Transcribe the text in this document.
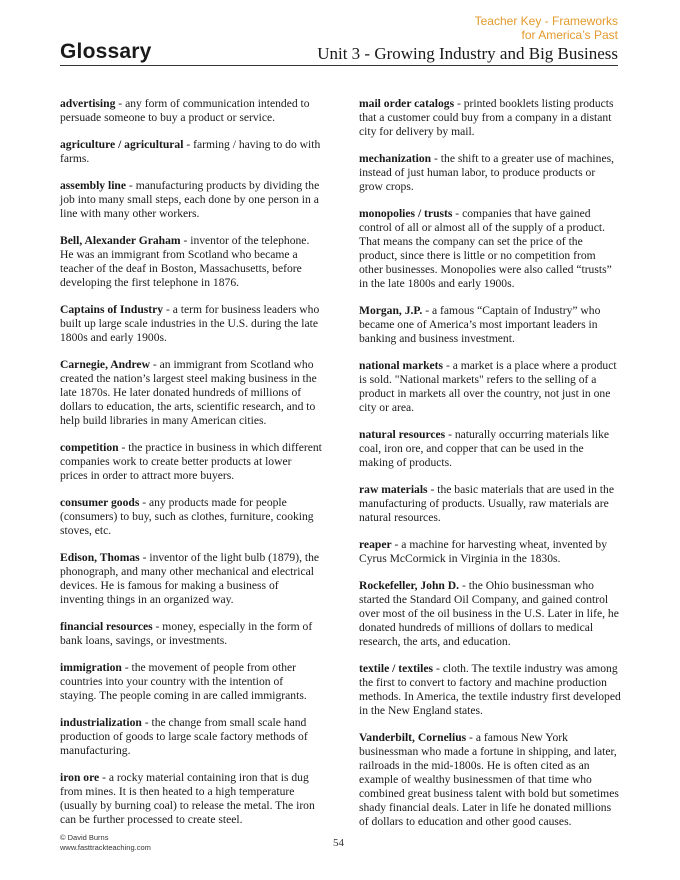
Teacher Key - Frameworks
for America’s Past
Glossary	Unit 3 - Growing Industry and Big Business

advertising - any form of communication intended to persuade someone to buy a product or service.

agriculture / agricultural - farming / having to do with farms.

assembly line - manufacturing products by dividing the job into many small steps, each done by one person in a line with many other workers.

Bell, Alexander Graham - inventor of the telephone. He was an immigrant from Scotland who became a teacher of the deaf in Boston, Massachusetts, before developing the first telephone in 1876.

Captains of Industry - a term for business leaders who built up large scale industries in the U.S. during the late 1800s and early 1900s.

Carnegie, Andrew - an immigrant from Scotland who created the nation’s largest steel making business in the late 1870s. He later donated hundreds of millions of dollars to education, the arts, scientific research, and to help build libraries in many American cities.

competition - the practice in business in which different companies work to create better products at lower prices in order to attract more buyers.

consumer goods - any products made for people (consumers) to buy, such as clothes, furniture, cooking stoves, etc.

Edison, Thomas - inventor of the light bulb (1879), the phonograph, and many other mechanical and electrical devices. He is famous for making a business of inventing things in an organized way.

financial resources - money, especially in the form of bank loans, savings, or investments.

immigration - the movement of people from other countries into your country with the intention of staying. The people coming in are called immigrants.

industrialization - the change from small scale hand production of goods to large scale factory methods of manufacturing.

iron ore - a rocky material containing iron that is dug from mines. It is then heated to a high temperature (usually by burning coal) to release the metal. The iron can be further processed to create steel.

mail order catalogs - printed booklets listing products that a customer could buy from a company in a distant city for delivery by mail.

mechanization - the shift to a greater use of machines, instead of just human labor, to produce products or grow crops.

monopolies / trusts - companies that have gained control of all or almost all of the supply of a product. That means the company can set the price of the product, since there is little or no competition from other businesses. Monopolies were also called “trusts” in the late 1800s and early 1900s.

Morgan, J.P. - a famous “Captain of Industry” who became one of America’s most important leaders in banking and business investment.

national markets - a market is a place where a product is sold. "National markets" refers to the selling of a product in markets all over the country, not just in one city or area.

natural resources - naturally occurring materials like coal, iron ore, and copper that can be used in the making of products.

raw materials - the basic materials that are used in the manufacturing of products. Usually, raw materials are natural resources.

reaper - a machine for harvesting wheat, invented by Cyrus McCormick in Virginia in the 1830s.

Rockefeller, John D. - the Ohio businessman who started the Standard Oil Company, and gained control over most of the oil business in the U.S. Later in life, he donated hundreds of millions of dollars to medical research, the arts, and education.

textile / textiles - cloth. The textile industry was among the first to convert to factory and machine production methods. In America, the textile industry first developed in the New England states.

Vanderbilt, Cornelius - a famous New York businessman who made a fortune in shipping, and later, railroads in the mid-1800s. He is often cited as an example of wealthy businessmen of that time who combined great business talent with bold but sometimes shady financial deals. Later in life he donated millions of dollars to education and other good causes.

© David Burns
www.fasttrackteaching.com	54
